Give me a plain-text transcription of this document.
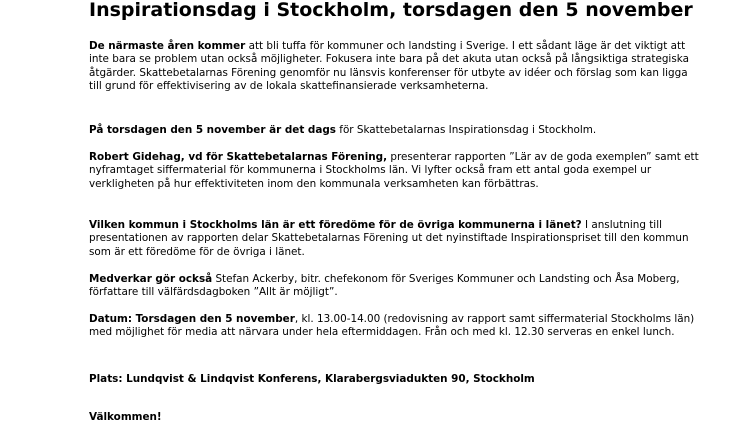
Inspirationsdag i Stockholm, torsdagen den 5 november

De närmaste åren kommer att bli tuffa för kommuner och landsting i Sverige. I ett sådant läge är det viktigt att inte bara se problem utan också möjligheter. Fokusera inte bara på det akuta utan också på långsiktiga strategiska åtgärder. Skattebetalarnas Förening genomför nu länsvis konferenser för utbyte av idéer och förslag som kan ligga till grund för effektivisering av de lokala skattefinansierade verksamheterna.

På torsdagen den 5 november är det dags för Skattebetalarnas Inspirationsdag i Stockholm.

Robert Gidehag, vd för Skattebetalarnas Förening, presenterar rapporten ”Lär av de goda exemplen” samt ett nyframtaget siffermaterial för kommunerna i Stockholms län. Vi lyfter också fram ett antal goda exempel ur verkligheten på hur effektiviteten inom den kommunala verksamheten kan förbättras.

Vilken kommun i Stockholms län är ett föredöme för de övriga kommunerna i länet? I anslutning till presentationen av rapporten delar Skattebetalarnas Förening ut det nyinstiftade Inspirationspriset till den kommun som är ett föredöme för de övriga i länet.

Medverkar gör också Stefan Ackerby, bitr. chefekonom för Sveriges Kommuner och Landsting och Åsa Moberg, författare till välfärdsdagboken ”Allt är möjligt”.

Datum: Torsdagen den 5 november, kl. 13.00-14.00 (redovisning av rapport samt siffermaterial Stockholms län) med möjlighet för media att närvara under hela eftermiddagen. Från och med kl. 12.30 serveras en enkel lunch.

Plats: Lundqvist & Lindqvist Konferens, Klarabergsviadukten 90, Stockholm

Välkommen!
